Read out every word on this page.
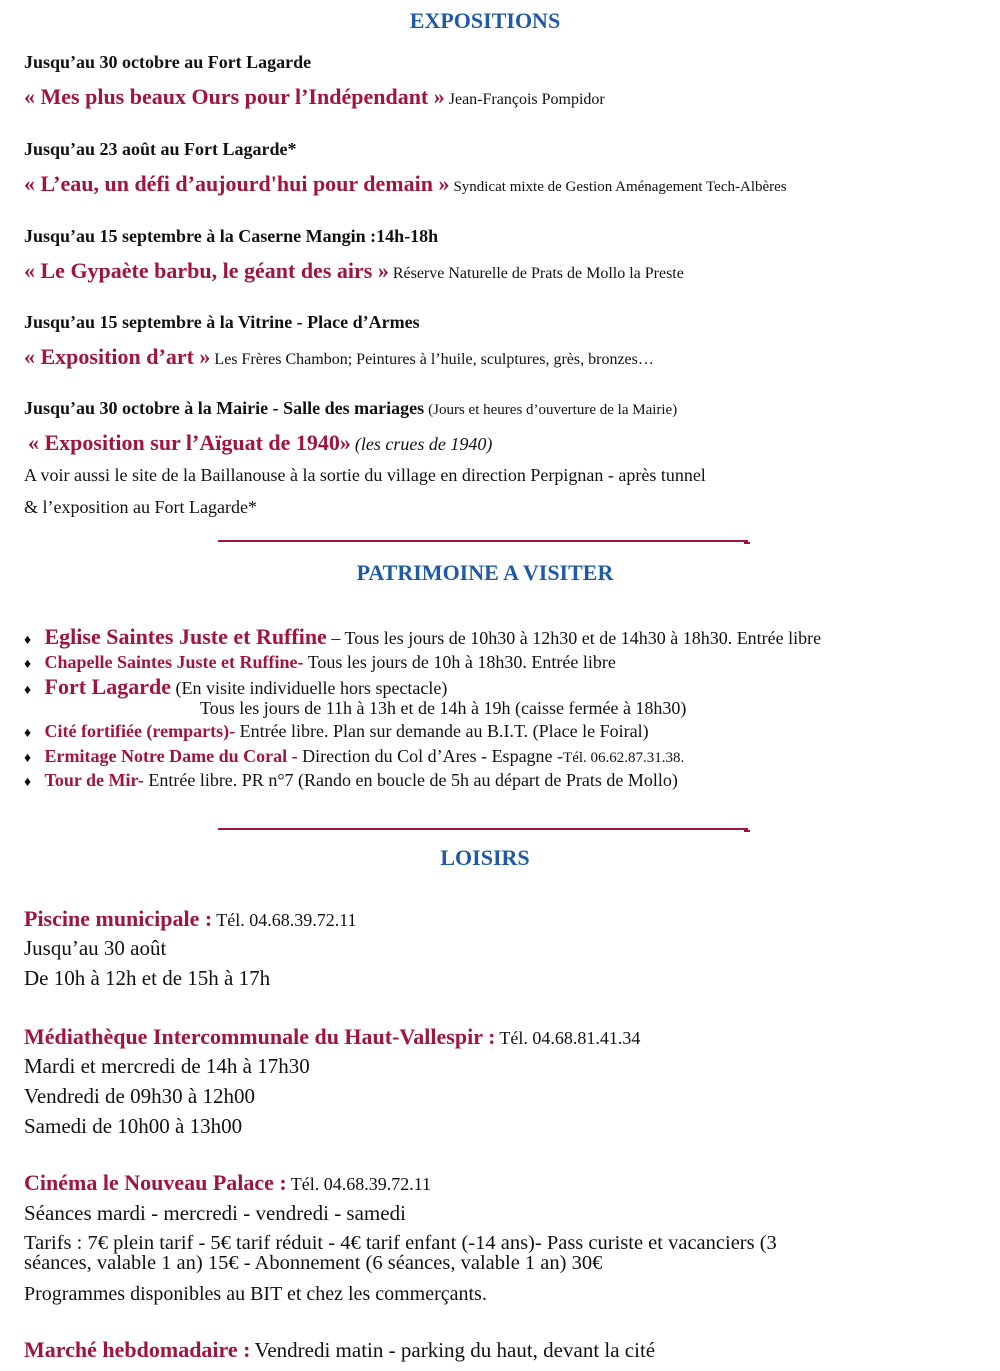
EXPOSITIONS
Jusqu’au 30 octobre au Fort Lagarde
« Mes plus beaux Ours pour l’Indépendant » Jean-François Pompidor
Jusqu’au 23 août au Fort Lagarde*
« L’eau, un défi d’aujourd'hui pour demain » Syndicat mixte de Gestion Aménagement Tech-Albères
Jusqu’au 15 septembre à la Caserne Mangin :14h-18h
« Le Gypaète barbu, le géant des airs » Réserve Naturelle de Prats de Mollo la Preste
Jusqu’au 15 septembre à la Vitrine - Place d’Armes
« Exposition d’art » Les Frères Chambon; Peintures à l’huile, sculptures, grès, bronzes…
Jusqu’au 30 octobre à la Mairie - Salle des mariages (Jours et heures d’ouverture de la Mairie)
« Exposition sur l’Aïguat de 1940» (les crues de 1940)
A voir aussi le site de la Baillanouse à la sortie du village en direction Perpignan - après tunnel
& l’exposition au Fort Lagarde*
PATRIMOINE A VISITER
♦ Eglise Saintes Juste et Ruffine – Tous les jours de 10h30 à 12h30 et de 14h30 à 18h30. Entrée libre
♦ Chapelle Saintes Juste et Ruffine- Tous les jours de 10h à 18h30. Entrée libre
♦ Fort Lagarde (En visite individuelle hors spectacle)
Tous les jours de 11h à 13h et de 14h à 19h (caisse fermée à 18h30)
♦ Cité fortifiée (remparts)- Entrée libre. Plan sur demande au B.I.T. (Place le Foiral)
♦ Ermitage Notre Dame du Coral - Direction du Col d’Ares - Espagne -Tél. 06.62.87.31.38.
♦ Tour de Mir- Entrée libre. PR n°7 (Rando en boucle de 5h au départ de Prats de Mollo)
LOISIRS
Piscine municipale : Tél. 04.68.39.72.11
Jusqu’au 30 août
De 10h à 12h et de 15h à 17h
Médiathèque Intercommunale du Haut-Vallespir : Tél. 04.68.81.41.34
Mardi et mercredi de 14h à 17h30
Vendredi de 09h30 à 12h00
Samedi de 10h00 à 13h00
Cinéma le Nouveau Palace : Tél. 04.68.39.72.11
Séances mardi - mercredi - vendredi - samedi
Tarifs : 7€ plein tarif - 5€ tarif réduit - 4€ tarif enfant (-14 ans)- Pass curiste et vacanciers (3
séances, valable 1 an) 15€ - Abonnement (6 séances, valable 1 an) 30€
Programmes disponibles au BIT et chez les commerçants.
Marché hebdomadaire : Vendredi matin - parking du haut, devant la cité
